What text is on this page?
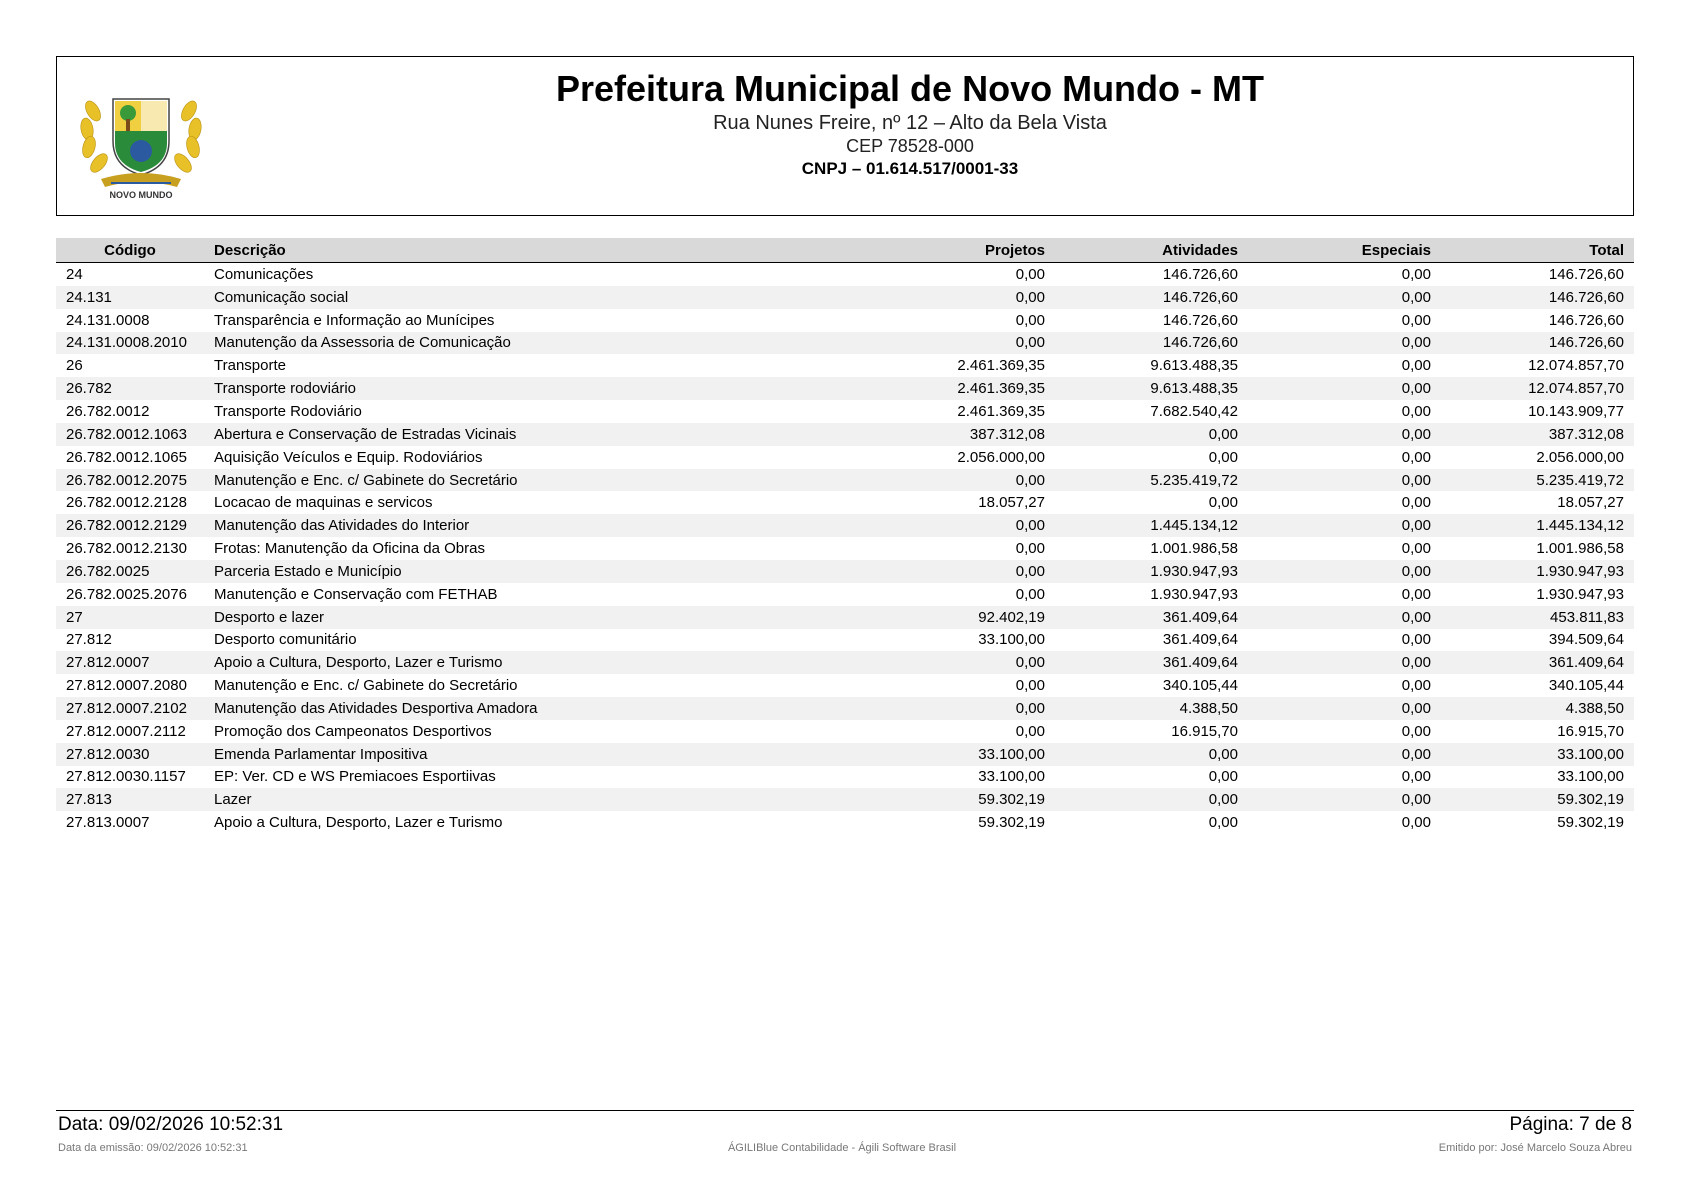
NOVO MUNDO
Prefeitura Municipal de Novo Mundo - MT
Rua Nunes Freire, nº 12 – Alto da Bela Vista
CEP 78528-000
CNPJ – 01.614.517/0001-33
Código	Descrição	Projetos	Atividades	Especiais	Total
24	Comunicações	0,00	146.726,60	0,00	146.726,60
24.131	Comunicação social	0,00	146.726,60	0,00	146.726,60
24.131.0008	Transparência e Informação ao Munícipes	0,00	146.726,60	0,00	146.726,60
24.131.0008.2010	Manutenção da Assessoria de Comunicação	0,00	146.726,60	0,00	146.726,60
26	Transporte	2.461.369,35	9.613.488,35	0,00	12.074.857,70
26.782	Transporte rodoviário	2.461.369,35	9.613.488,35	0,00	12.074.857,70
26.782.0012	Transporte Rodoviário	2.461.369,35	7.682.540,42	0,00	10.143.909,77
26.782.0012.1063	Abertura e Conservação de Estradas Vicinais	387.312,08	0,00	0,00	387.312,08
26.782.0012.1065	Aquisição Veículos e Equip. Rodoviários	2.056.000,00	0,00	0,00	2.056.000,00
26.782.0012.2075	Manutenção e Enc. c/ Gabinete do Secretário	0,00	5.235.419,72	0,00	5.235.419,72
26.782.0012.2128	Locacao de maquinas e servicos	18.057,27	0,00	0,00	18.057,27
26.782.0012.2129	Manutenção das Atividades do Interior	0,00	1.445.134,12	0,00	1.445.134,12
26.782.0012.2130	Frotas: Manutenção da Oficina da Obras	0,00	1.001.986,58	0,00	1.001.986,58
26.782.0025	Parceria Estado e Município	0,00	1.930.947,93	0,00	1.930.947,93
26.782.0025.2076	Manutenção e Conservação com FETHAB	0,00	1.930.947,93	0,00	1.930.947,93
27	Desporto e lazer	92.402,19	361.409,64	0,00	453.811,83
27.812	Desporto comunitário	33.100,00	361.409,64	0,00	394.509,64
27.812.0007	Apoio a Cultura, Desporto, Lazer e Turismo	0,00	361.409,64	0,00	361.409,64
27.812.0007.2080	Manutenção e Enc. c/ Gabinete do Secretário	0,00	340.105,44	0,00	340.105,44
27.812.0007.2102	Manutenção das Atividades Desportiva Amadora	0,00	4.388,50	0,00	4.388,50
27.812.0007.2112	Promoção dos Campeonatos Desportivos	0,00	16.915,70	0,00	16.915,70
27.812.0030	Emenda Parlamentar Impositiva	33.100,00	0,00	0,00	33.100,00
27.812.0030.1157	EP: Ver. CD e WS Premiacoes Esportiivas	33.100,00	0,00	0,00	33.100,00
27.813	Lazer	59.302,19	0,00	0,00	59.302,19
27.813.0007	Apoio a Cultura, Desporto, Lazer e Turismo	59.302,19	0,00	0,00	59.302,19
Data: 09/02/2026 10:52:31	Página: 7 de 8
Data da emissão: 09/02/2026 10:52:31	ÁGILIBlue Contabilidade - Ágili Software Brasil	Emitido por: José Marcelo Souza Abreu
